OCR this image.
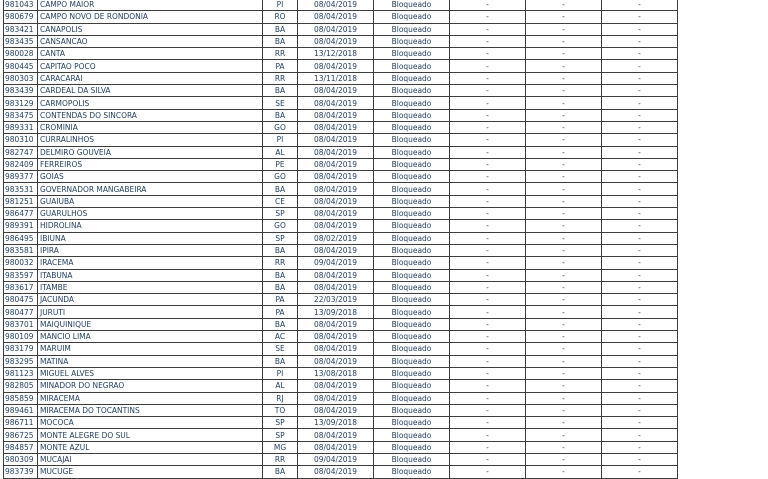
981043	CAMPO MAIOR	PI	08/04/2019	Bloqueado	-	-	-
980679	CAMPO NOVO DE RONDONIA	RO	08/04/2019	Bloqueado	-	-	-
983421	CANAPOLIS	BA	08/04/2019	Bloqueado	-	-	-
983435	CANSANCAO	BA	08/04/2019	Bloqueado	-	-	-
980028	CANTA	RR	13/12/2018	Bloqueado	-	-	-
980445	CAPITAO POCO	PA	08/04/2019	Bloqueado	-	-	-
980303	CARACARAI	RR	13/11/2018	Bloqueado	-	-	-
983439	CARDEAL DA SILVA	BA	08/04/2019	Bloqueado	-	-	-
983129	CARMOPOLIS	SE	08/04/2019	Bloqueado	-	-	-
983475	CONTENDAS DO SINCORA	BA	08/04/2019	Bloqueado	-	-	-
989331	CROMINIA	GO	08/04/2019	Bloqueado	-	-	-
980310	CURRALINHOS	PI	08/04/2019	Bloqueado	-	-	-
982747	DELMIRO GOUVEIA	AL	08/04/2019	Bloqueado	-	-	-
982409	FERREIROS	PE	08/04/2019	Bloqueado	-	-	-
989377	GOIAS	GO	08/04/2019	Bloqueado	-	-	-
983531	GOVERNADOR MANGABEIRA	BA	08/04/2019	Bloqueado	-	-	-
981251	GUAIUBA	CE	08/04/2019	Bloqueado	-	-	-
986477	GUARULHOS	SP	08/04/2019	Bloqueado	-	-	-
989391	HIDROLINA	GO	08/04/2019	Bloqueado	-	-	-
986495	IBIUNA	SP	08/02/2019	Bloqueado	-	-	-
983581	IPIRA	BA	08/04/2019	Bloqueado	-	-	-
980032	IRACEMA	RR	09/04/2019	Bloqueado	-	-	-
983597	ITABUNA	BA	08/04/2019	Bloqueado	-	-	-
983617	ITAMBE	BA	08/04/2019	Bloqueado	-	-	-
980475	JACUNDA	PA	22/03/2019	Bloqueado	-	-	-
980477	JURUTI	PA	13/09/2018	Bloqueado	-	-	-
983701	MAIQUINIQUE	BA	08/04/2019	Bloqueado	-	-	-
980109	MANCIO LIMA	AC	08/04/2019	Bloqueado	-	-	-
983179	MARUIM	SE	08/04/2019	Bloqueado	-	-	-
983295	MATINA	BA	08/04/2019	Bloqueado	-	-	-
981123	MIGUEL ALVES	PI	13/08/2018	Bloqueado	-	-	-
982805	MINADOR DO NEGRAO	AL	08/04/2019	Bloqueado	-	-	-
985859	MIRACEMA	RJ	08/04/2019	Bloqueado	-	-	-
989461	MIRACEMA DO TOCANTINS	TO	08/04/2019	Bloqueado	-	-	-
986711	MOCOCA	SP	13/09/2018	Bloqueado	-	-	-
986725	MONTE ALEGRE DO SUL	SP	08/04/2019	Bloqueado	-	-	-
984857	MONTE AZUL	MG	08/04/2019	Bloqueado	-	-	-
980309	MUCAJAI	RR	09/04/2019	Bloqueado	-	-	-
983739	MUCUGE	BA	08/04/2019	Bloqueado	-	-	-
